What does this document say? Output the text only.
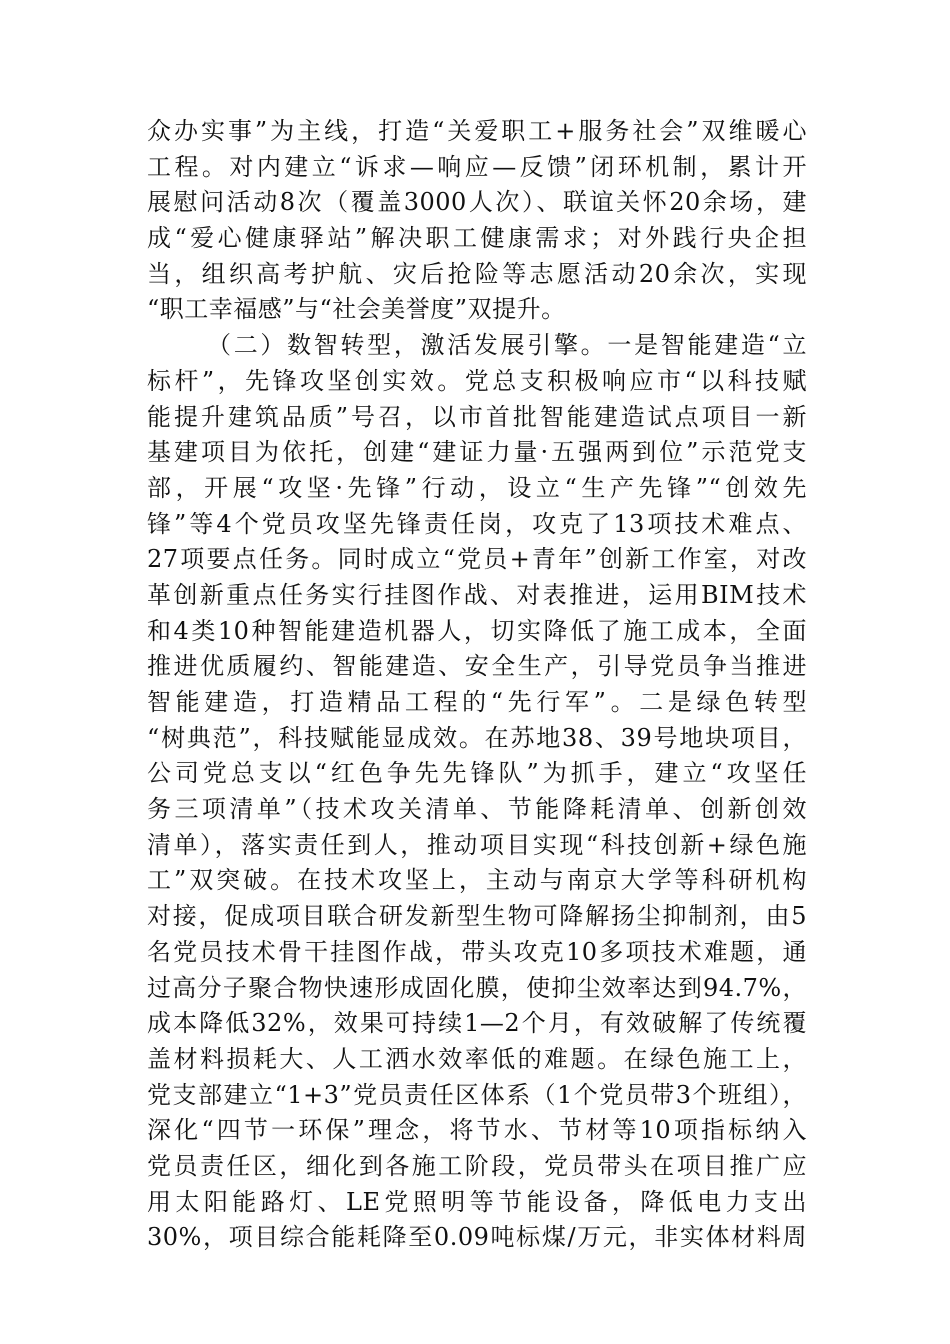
众办实事”为主线，打造“关爱职工+服务社会”双维暖心
工程。对内建立“诉求—响应—反馈”闭环机制，累计开
展慰问活动8次（覆盖3000人次）、联谊关怀20余场，建
成“爱心健康驿站”解决职工健康需求；对外践行央企担
当，组织高考护航、灾后抢险等志愿活动20余次，实现
“职工幸福感”与“社会美誉度”双提升。
（二）数智转型，激活发展引擎。一是智能建造“立
标杆”，先锋攻坚创实效。党总支积极响应市“以科技赋
能提升建筑品质”号召，以市首批智能建造试点项目一新
基建项目为依托，创建“建证力量·五强两到位”示范党支
部，开展“攻坚·先锋”行动，设立“生产先锋”“创效先
锋”等4个党员攻坚先锋责任岗，攻克了13项技术难点、
27项要点任务。同时成立“党员+青年”创新工作室，对改
革创新重点任务实行挂图作战、对表推进，运用BIM技术
和4类10种智能建造机器人，切实降低了施工成本，全面
推进优质履约、智能建造、安全生产，引导党员争当推进
智能建造，打造精品工程的“先行军”。二是绿色转型
“树典范”，科技赋能显成效。在苏地38、39号地块项目，
公司党总支以“红色争先先锋队”为抓手，建立“攻坚任
务三项清单”（技术攻关清单、节能降耗清单、创新创效
清单），落实责任到人，推动项目实现“科技创新+绿色施
工”双突破。在技术攻坚上，主动与南京大学等科研机构
对接，促成项目联合研发新型生物可降解扬尘抑制剂，由5
名党员技术骨干挂图作战，带头攻克10多项技术难题，通
过高分子聚合物快速形成固化膜，使抑尘效率达到94.7%，
成本降低32%，效果可持续1—2个月，有效破解了传统覆
盖材料损耗大、人工洒水效率低的难题。在绿色施工上，
党支部建立“1+3”党员责任区体系（1个党员带3个班组），
深化“四节一环保”理念，将节水、节材等10项指标纳入
党员责任区，细化到各施工阶段，党员带头在项目推广应
用太阳能路灯、LE党照明等节能设备，降低电力支出
30%，项目综合能耗降至0.09吨标煤/万元，非实体材料周
